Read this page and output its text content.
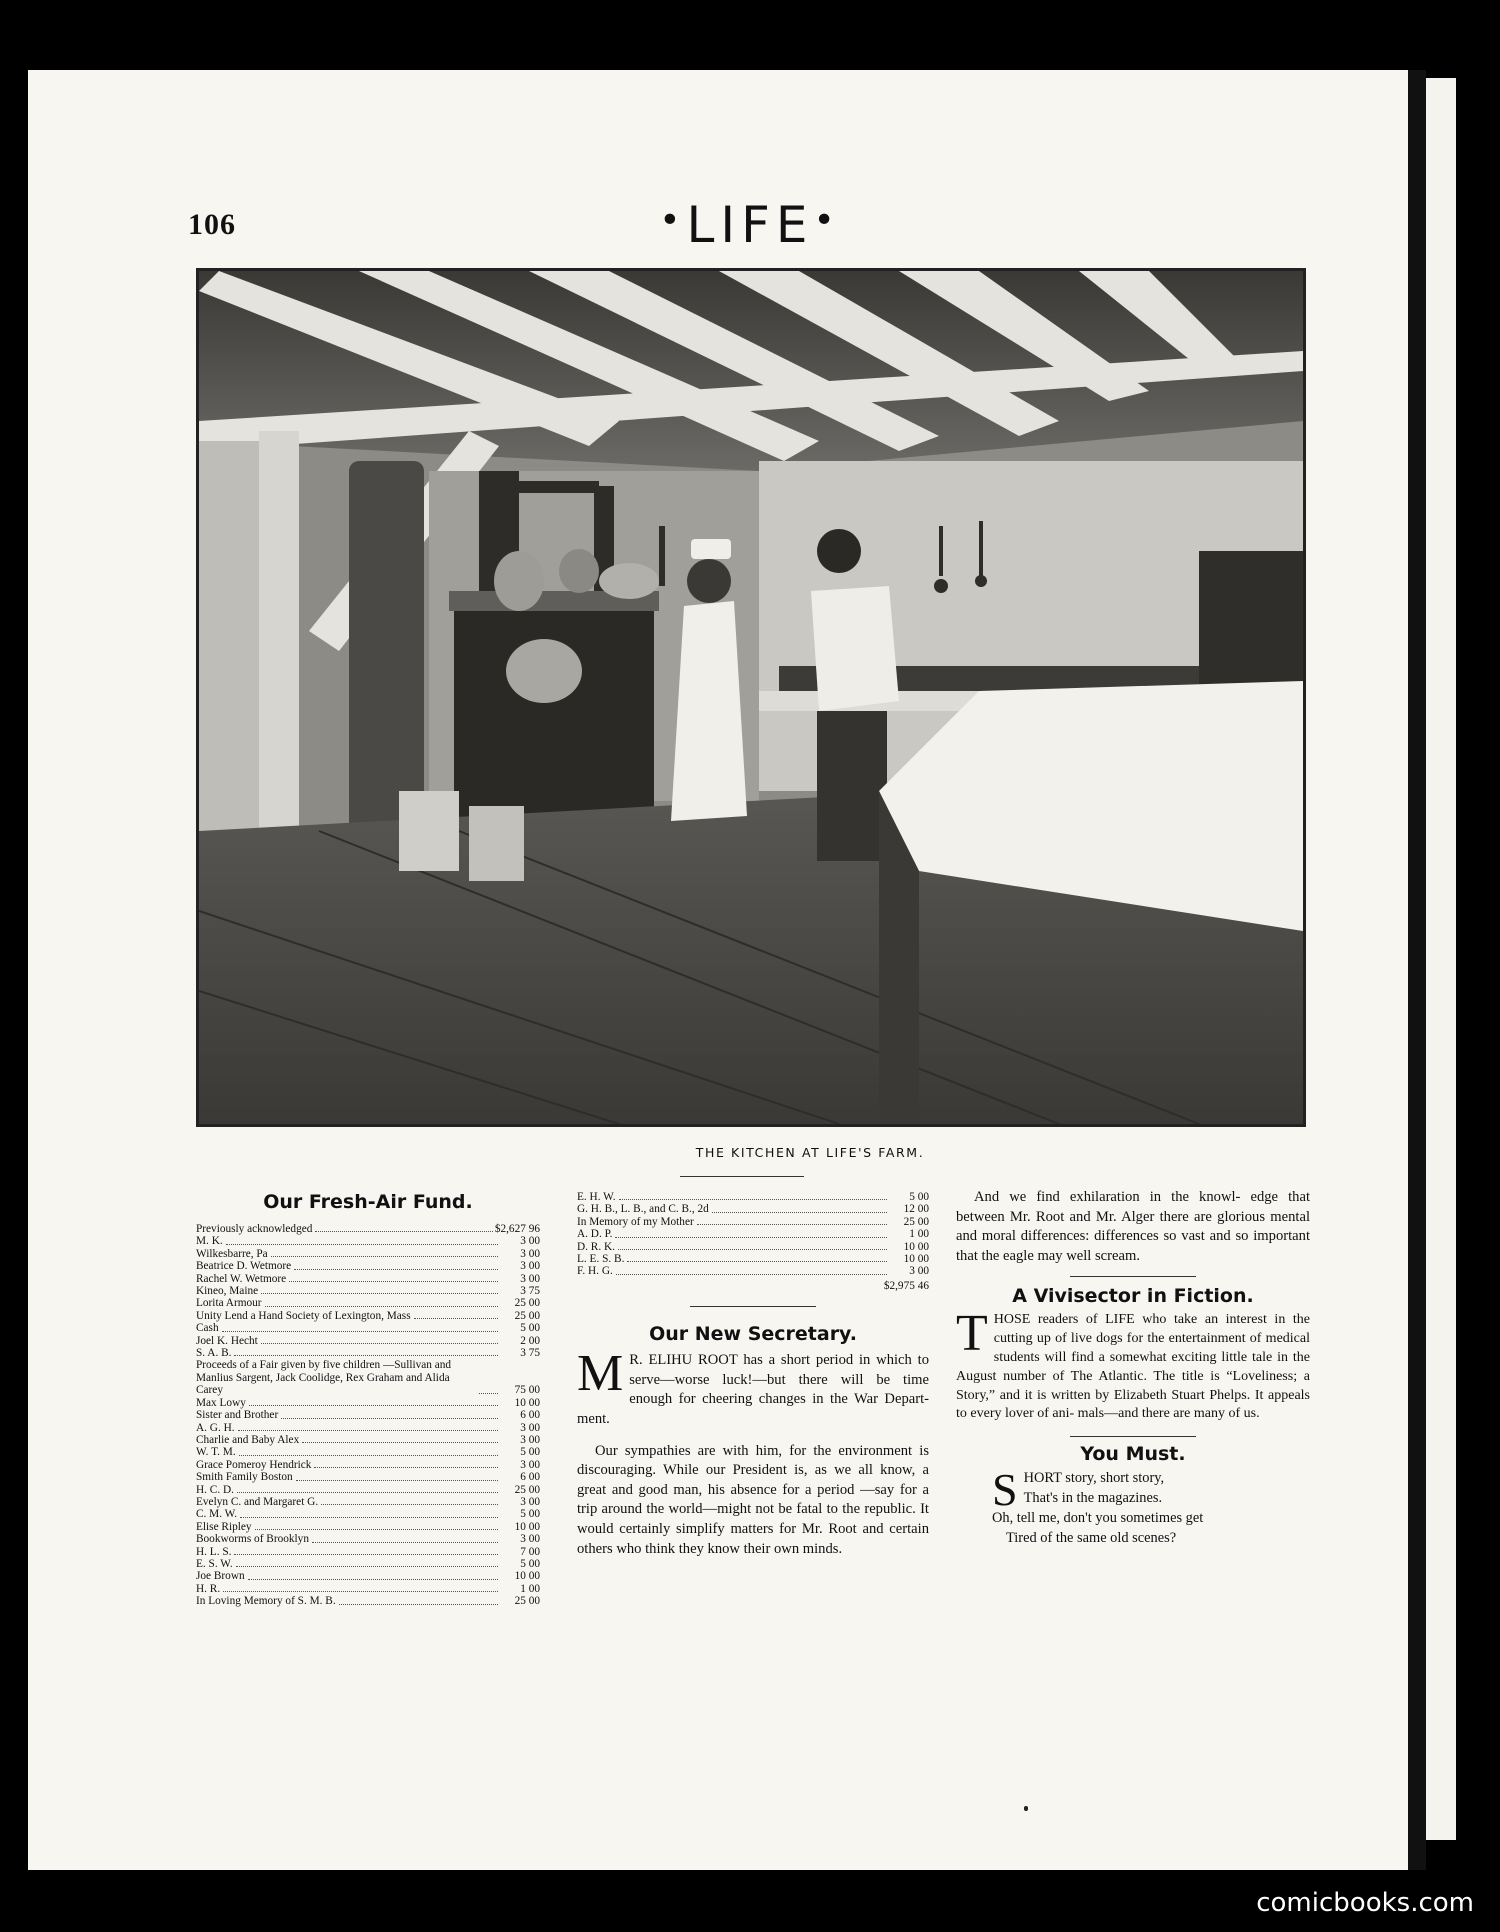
106	•LIFE•
THE KITCHEN AT LIFE'S FARM.
Our Fresh-Air Fund.
Previously acknowledged	$2,627 96
M. K.	3 00
Wilkesbarre, Pa	3 00
Beatrice D. Wetmore	3 00
Rachel W. Wetmore	3 00
Kineo, Maine	3 75
Lorita Armour	25 00
Unity Lend a Hand Society of Lexington, Mass	25 00
Cash	5 00
Joel K. Hecht	2 00
S. A. B.	3 75
Proceeds of a Fair given by five children —Sullivan and Manlius Sargent, Jack Coolidge, Rex Graham and Alida Carey	75 00
Max Lowy	10 00
Sister and Brother	6 00
A. G. H.	3 00
Charlie and Baby Alex	3 00
W. T. M.	5 00
Grace Pomeroy Hendrick	3 00
Smith Family Boston	6 00
H. C. D.	25 00
Evelyn C. and Margaret G.	3 00
C. M. W.	5 00
Elise Ripley	10 00
Bookworms of Brooklyn	3 00
H. L. S.	7 00
E. S. W.	5 00
Joe Brown	10 00
H. R.	1 00
In Loving Memory of S. M. B.	25 00
E. H. W.	5 00
G. H. B., L. B., and C. B., 2d	12 00
In Memory of my Mother	25 00
A. D. P.	1 00
D. R. K.	10 00
L. E. S. B.	10 00
F. H. G.	3 00
$2,975 46
Our New Secretary.

M R. ELIHU ROOT has a short period in which to serve—worse luck!—but there will be time enough for cheering changes in the War Depart- ment.

Our sympathies are with him, for the environment is discouraging. While our President is, as we all know, a great and good man, his absence for a period —say for a trip around the world—might not be fatal to the republic. It would certainly simplify matters for Mr. Root and certain others who think they know their own minds.

And we find exhilaration in the knowl- edge that between Mr. Root and Mr. Alger there are glorious mental and moral differences: differences so vast and so important that the eagle may well scream.

A Vivisector in Fiction.

THOSE readers of LIFE who take an interest in the cutting up of live dogs for the entertainment of medical students will find a somewhat exciting little tale in the August number of The Atlantic. The title is “Loveliness; a Story,” and it is written by Elizabeth Stuart Phelps. It appeals to every lover of ani- mals—and there are many of us.

You Must.
S HORT story, short story,
That's in the magazines.
Oh, tell me, don't you sometimes get
Tired of the same old scenes?
comicbooks.com
